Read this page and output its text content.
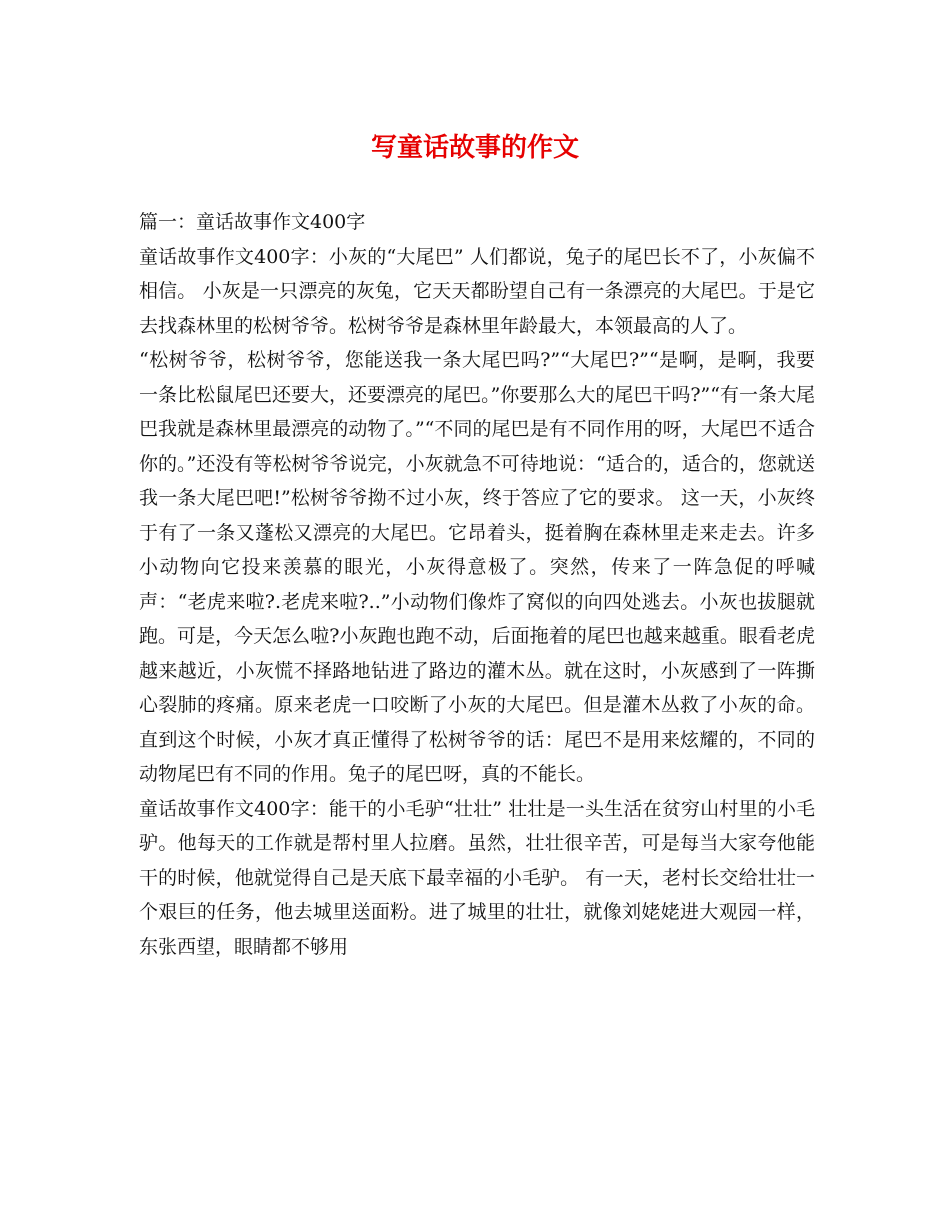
写童话故事的作文

篇一：童话故事作文400字

童话故事作文400字：小灰的“大尾巴” 人们都说，兔子的尾巴长不了，小灰偏不相信。 小灰是一只漂亮的灰兔，它天天都盼望自己有一条漂亮的大尾巴。于是它去找森林里的松树爷爷。松树爷爷是森林里年龄最大，本领最高的人了。

“松树爷爷，松树爷爷，您能送我一条大尾巴吗?”“大尾巴?”“是啊，是啊，我要一条比松鼠尾巴还要大，还要漂亮的尾巴。”你要那么大的尾巴干吗?”“有一条大尾巴我就是森林里最漂亮的动物了。”“不同的尾巴是有不同作用的呀，大尾巴不适合你的。”还没有等松树爷爷说完，小灰就急不可待地说：“适合的，适合的，您就送我一条大尾巴吧!”松树爷爷拗不过小灰，终于答应了它的要求。 这一天，小灰终于有了一条又蓬松又漂亮的大尾巴。它昂着头，挺着胸在森林里走来走去。许多小动物向它投来羡慕的眼光，小灰得意极了。突然，传来了一阵急促的呼喊声：“老虎来啦?.老虎来啦?..”小动物们像炸了窝似的向四处逃去。小灰也拔腿就跑。可是，今天怎么啦?小灰跑也跑不动，后面拖着的尾巴也越来越重。眼看老虎越来越近，小灰慌不择路地钻进了路边的灌木丛。就在这时，小灰感到了一阵撕心裂肺的疼痛。原来老虎一口咬断了小灰的大尾巴。但是灌木丛救了小灰的命。 直到这个时候，小灰才真正懂得了松树爷爷的话：尾巴不是用来炫耀的，不同的动物尾巴有不同的作用。兔子的尾巴呀，真的不能长。

童话故事作文400字：能干的小毛驴“壮壮” 壮壮是一头生活在贫穷山村里的小毛驴。他每天的工作就是帮村里人拉磨。虽然，壮壮很辛苦，可是每当大家夸他能干的时候，他就觉得自己是天底下最幸福的小毛驴。 有一天，老村长交给壮壮一个艰巨的任务，他去城里送面粉。进了城里的壮壮，就像刘姥姥进大观园一样，东张西望，眼睛都不够用
